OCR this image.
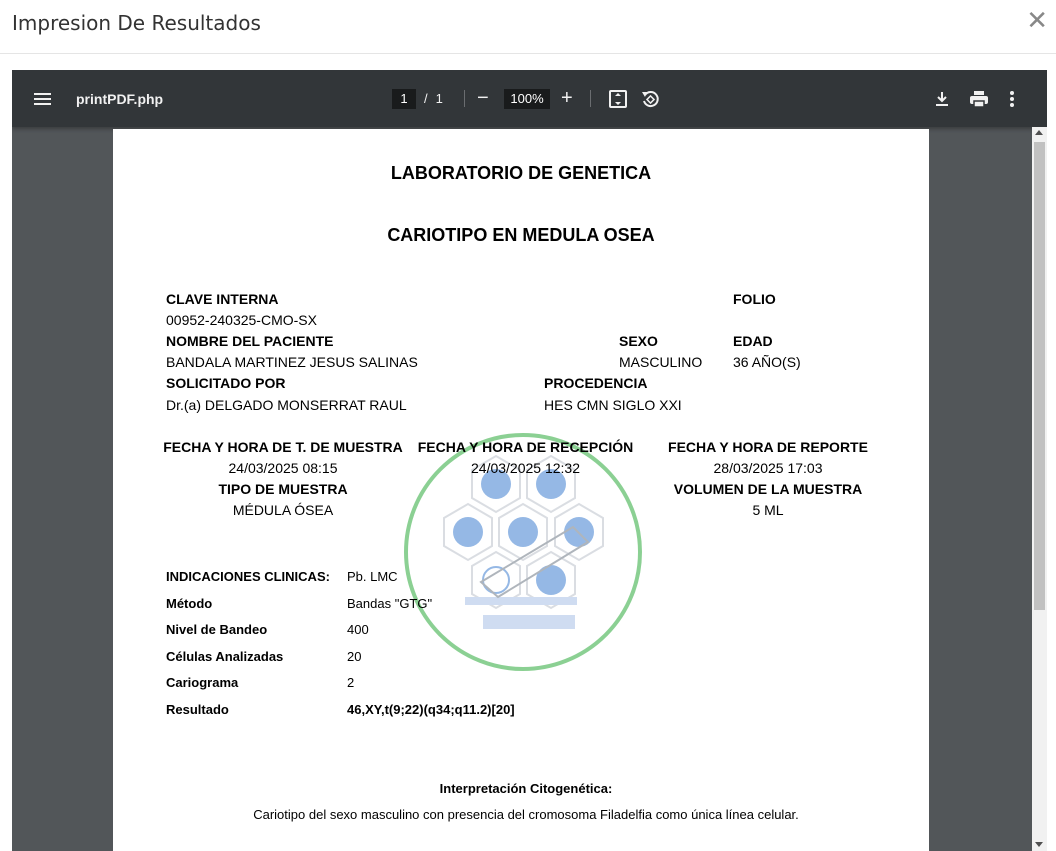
Impresion De Resultados	✕
printPDF.php	1	/ 1 −	100% +
LABORATORIO DE GENETICA
CARIOTIPO EN MEDULA OSEA
CLAVE INTERNA	FOLIO
00952-240325-CMO-SX
NOMBRE DEL PACIENTE	SEXO	EDAD
BANDALA MARTINEZ JESUS SALINAS	MASCULINO 36 AÑO(S)
SOLICITADO POR	PROCEDENCIA
Dr.(a) DELGADO MONSERRAT RAUL	HES CMN SIGLO XXI
FECHA Y HORA DE T. DE MUESTRA	FECHA Y HORA DE RECEPCIÓN	FECHA Y HORA DE REPORTE
24/03/2025 08:15	24/03/2025 12:32	28/03/2025 17:03
TIPO DE MUESTRA	VOLUMEN DE LA MUESTRA
MÉDULA ÓSEA	5 ML
INDICACIONES CLINICAS: Pb. LMC
Método	Bandas "GTG"
Nivel de Bandeo	400
Células Analizadas	20
Cariograma	2
Resultado	46,XY,t(9;22)(q34;q11.2)[20]
Interpretación Citogenética:
Cariotipo del sexo masculino con presencia del cromosoma Filadelfia como única línea celular.
